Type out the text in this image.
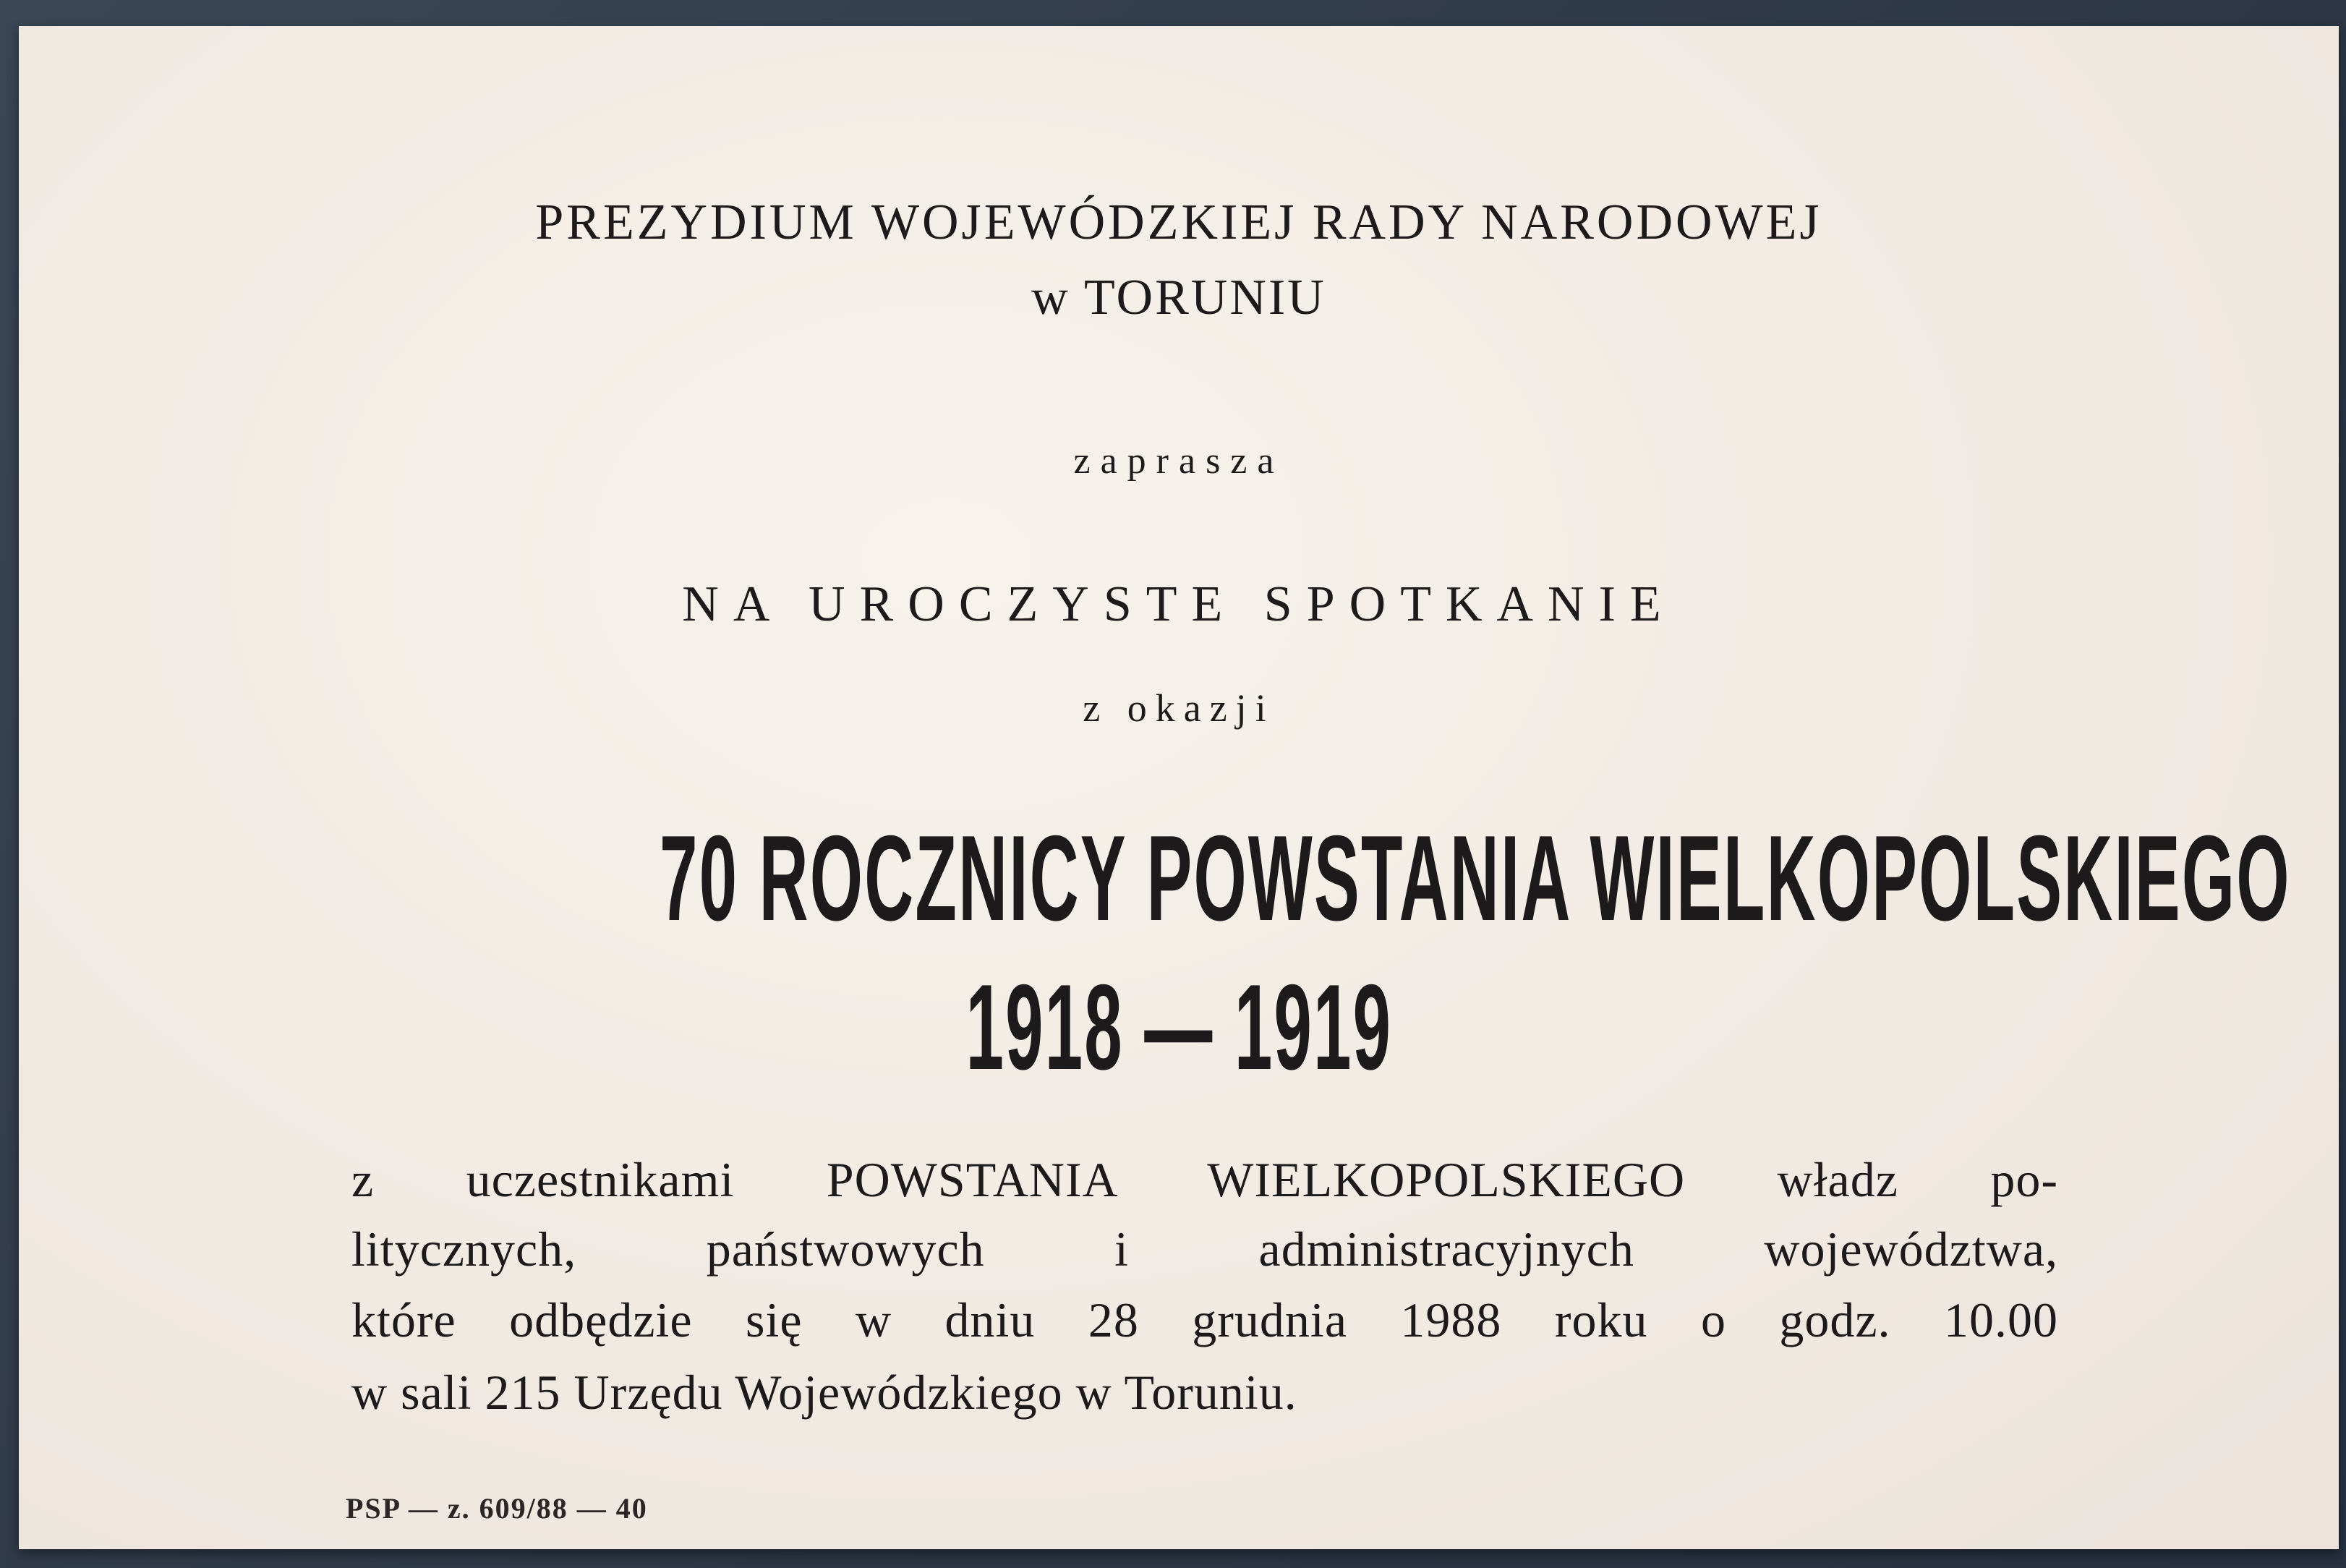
PREZYDIUM WOJEWÓDZKIEJ RADY NARODOWEJ
w TORUNIU
zaprasza
NA UROCZYSTE SPOTKANIE
z okazji
70 ROCZNICY POWSTANIA WIELKOPOLSKIEGO
1918 — 1919
z uczestnikami POWSTANIA WIELKOPOLSKIEGO władz po-
litycznych, państwowych i administracyjnych województwa,
które odbędzie się w dniu 28 grudnia 1988 roku o godz. 10.00
w sali 215 Urzędu Wojewódzkiego w Toruniu.
PSP — z. 609/88 — 40
